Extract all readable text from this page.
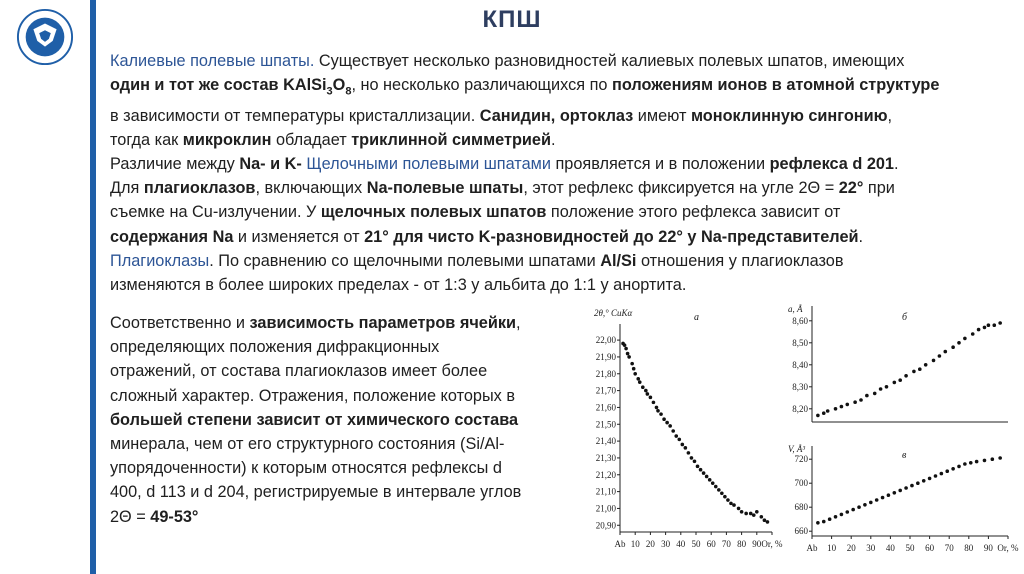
КПШ
Калиевые полевые шпаты. Существует несколько разновидностей калиевых полевых шпатов, имеющих
один и тот же состав $KAlSi_3O_8$, но несколько различающихся по положениям ионов в атомной структуре
в зависимости от температуры кристаллизации. Санидин, ортоклаз имеют моноклинную сингонию,
тогда как микроклин обладает триклинной симметрией.
Различие между Na- и K- Щелочными полевыми шпатами проявляется и в положении рефлекса d 201.
Для плагиоклазов, включающих Na-полевые шпаты, этот рефлекс фиксируется на угле 2Θ = 22° при
съемке на Cu-излучении. У щелочных полевых шпатов положение этого рефлекса зависит от
содержания Na и изменяется от 21° для чисто K-разновидностей до 22° у Na-представителей.
Плагиоклазы. По сравнению со щелочными полевыми шпатами Al/Si отношения у плагиоклазов
изменяются в более широких пределах - от 1:3 у альбита до 1:1 у анортита.
Соответственно и зависимость параметров ячейки,
определяющих положения дифракционных
отражений, от состава плагиоклазов имеет более
сложный характер. Отражения, положение которых в
большей степени зависит от химического состава
минерала, чем от его структурного состояния (Si/Al-
упорядоченности) к которым относятся рефлексы d
400, d 113 и d 204, регистрируемые в интервале углов
2Θ = 49-53°
22,00
21,90
21,80
21,70
21,60
21,50
21,40
21,30
21,20
21,10
21,00
20,90
Ab 10 20 30 40 50 60 70 80 90 Or, %
2θ,° CuKα	а	8,60
8,50
8,40
8,30
8,20
a, Å
б
720
700
680
660
Ab 10 20 30 40 50 60 70 80 90 Or, %
V, Å³
в
